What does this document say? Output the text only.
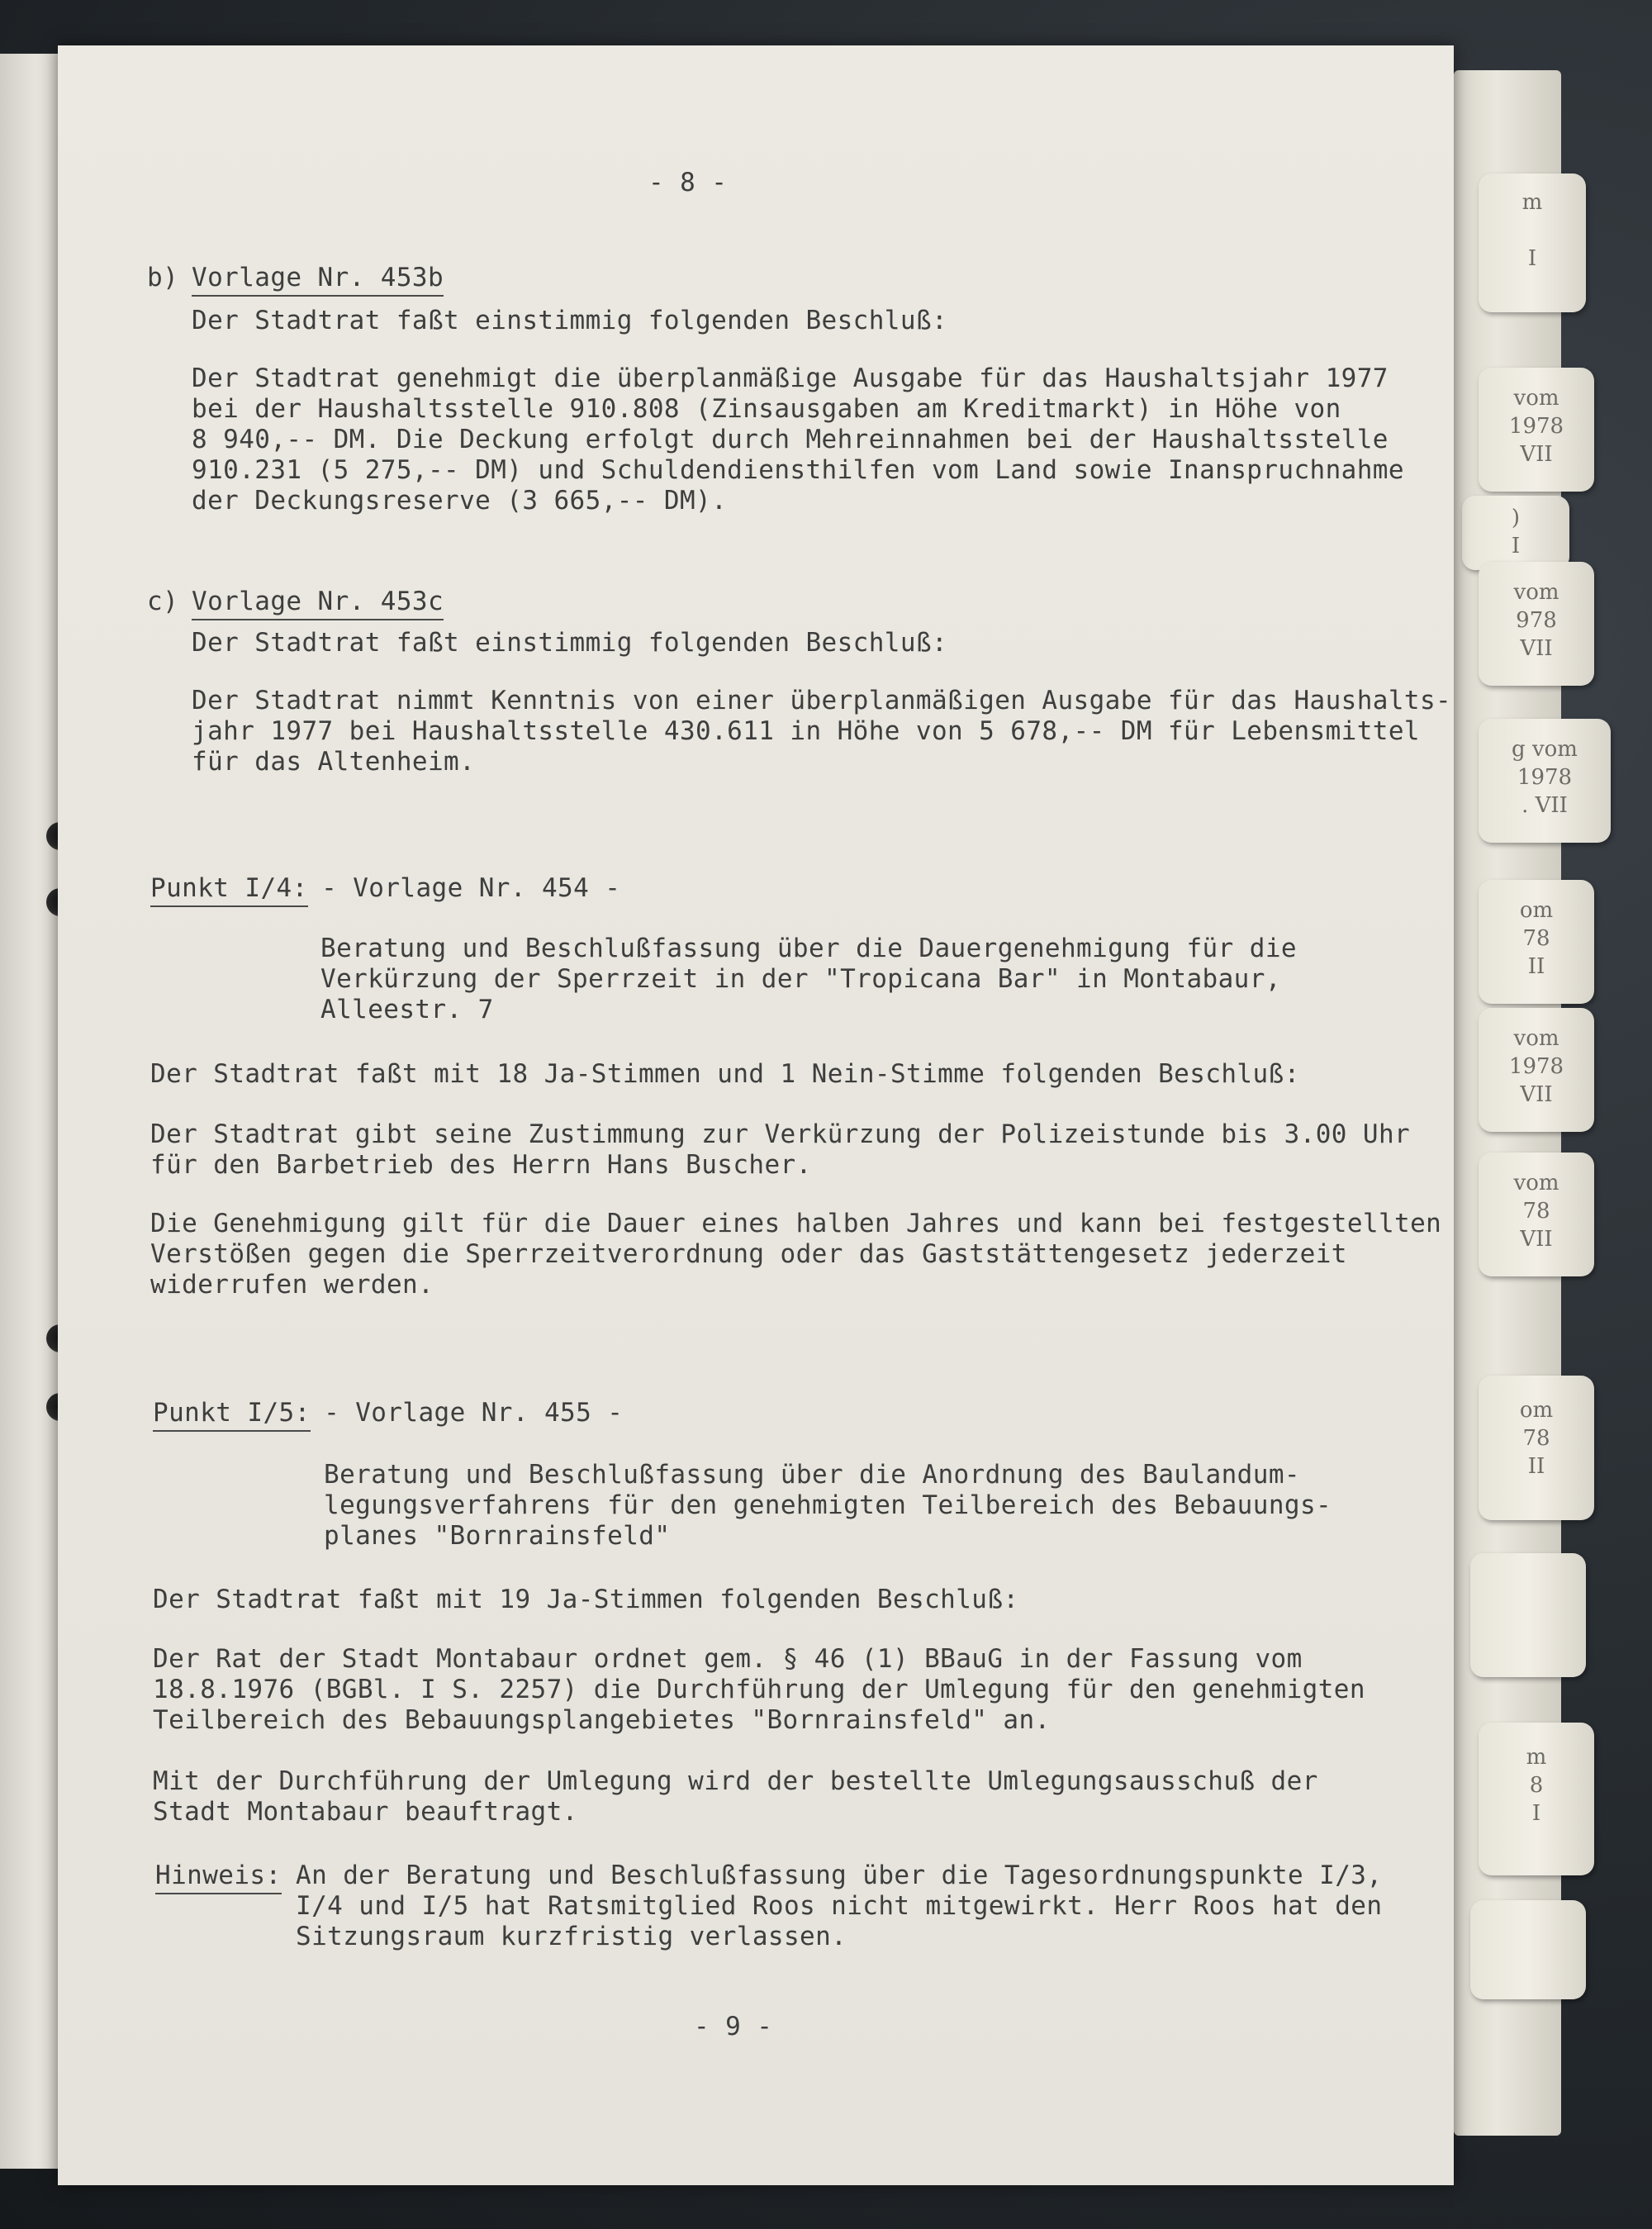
m

I
vom
1978
VII
)
I
vom
978
VII
g vom
1978
. VII
om
78
II
vom
1978
VII
vom
78
VII
om
78
II
m
8
I
- 8 -
b) Vorlage Nr. 453b
Der Stadtrat faßt einstimmig folgenden Beschluß:
Der Stadtrat genehmigt die überplanmäßige Ausgabe für das Haushaltsjahr 1977
bei der Haushaltsstelle 910.808 (Zinsausgaben am Kreditmarkt) in Höhe von
8 940,-- DM. Die Deckung erfolgt durch Mehreinnahmen bei der Haushaltsstelle
910.231 (5 275,-- DM) und Schuldendiensthilfen vom Land sowie Inanspruchnahme
der Deckungsreserve (3 665,-- DM).
c) Vorlage Nr. 453c
Der Stadtrat faßt einstimmig folgenden Beschluß:
Der Stadtrat nimmt Kenntnis von einer überplanmäßigen Ausgabe für das Haushalts-
jahr 1977 bei Haushaltsstelle 430.611 in Höhe von 5 678,-- DM für Lebensmittel
für das Altenheim.
Punkt I/4:
- Vorlage Nr. 454 -
Beratung und Beschlußfassung über die Dauergenehmigung für die
Verkürzung der Sperrzeit in der "Tropicana Bar" in Montabaur,
Alleestr. 7
Der Stadtrat faßt mit 18 Ja-Stimmen und 1 Nein-Stimme folgenden Beschluß:
Der Stadtrat gibt seine Zustimmung zur Verkürzung der Polizeistunde bis 3.00 Uhr
für den Barbetrieb des Herrn Hans Buscher.
Die Genehmigung gilt für die Dauer eines halben Jahres und kann bei festgestellten
Verstößen gegen die Sperrzeitverordnung oder das Gaststättengesetz jederzeit
widerrufen werden.
Punkt I/5:
- Vorlage Nr. 455 -
Beratung und Beschlußfassung über die Anordnung des Baulandum-
legungsverfahrens für den genehmigten Teilbereich des Bebauungs-
planes "Bornrainsfeld"
Der Stadtrat faßt mit 19 Ja-Stimmen folgenden Beschluß:
Der Rat der Stadt Montabaur ordnet gem. § 46 (1) BBauG in der Fassung vom
18.8.1976 (BGBl. I S. 2257) die Durchführung der Umlegung für den genehmigten
Teilbereich des Bebauungsplangebietes "Bornrainsfeld" an.
Mit der Durchführung der Umlegung wird der bestellte Umlegungsausschuß der
Stadt Montabaur beauftragt.
Hinweis: An der Beratung und Beschlußfassung über die Tagesordnungspunkte I/3,
I/4 und I/5 hat Ratsmitglied Roos nicht mitgewirkt. Herr Roos hat den
Sitzungsraum kurzfristig verlassen.
- 9 -
